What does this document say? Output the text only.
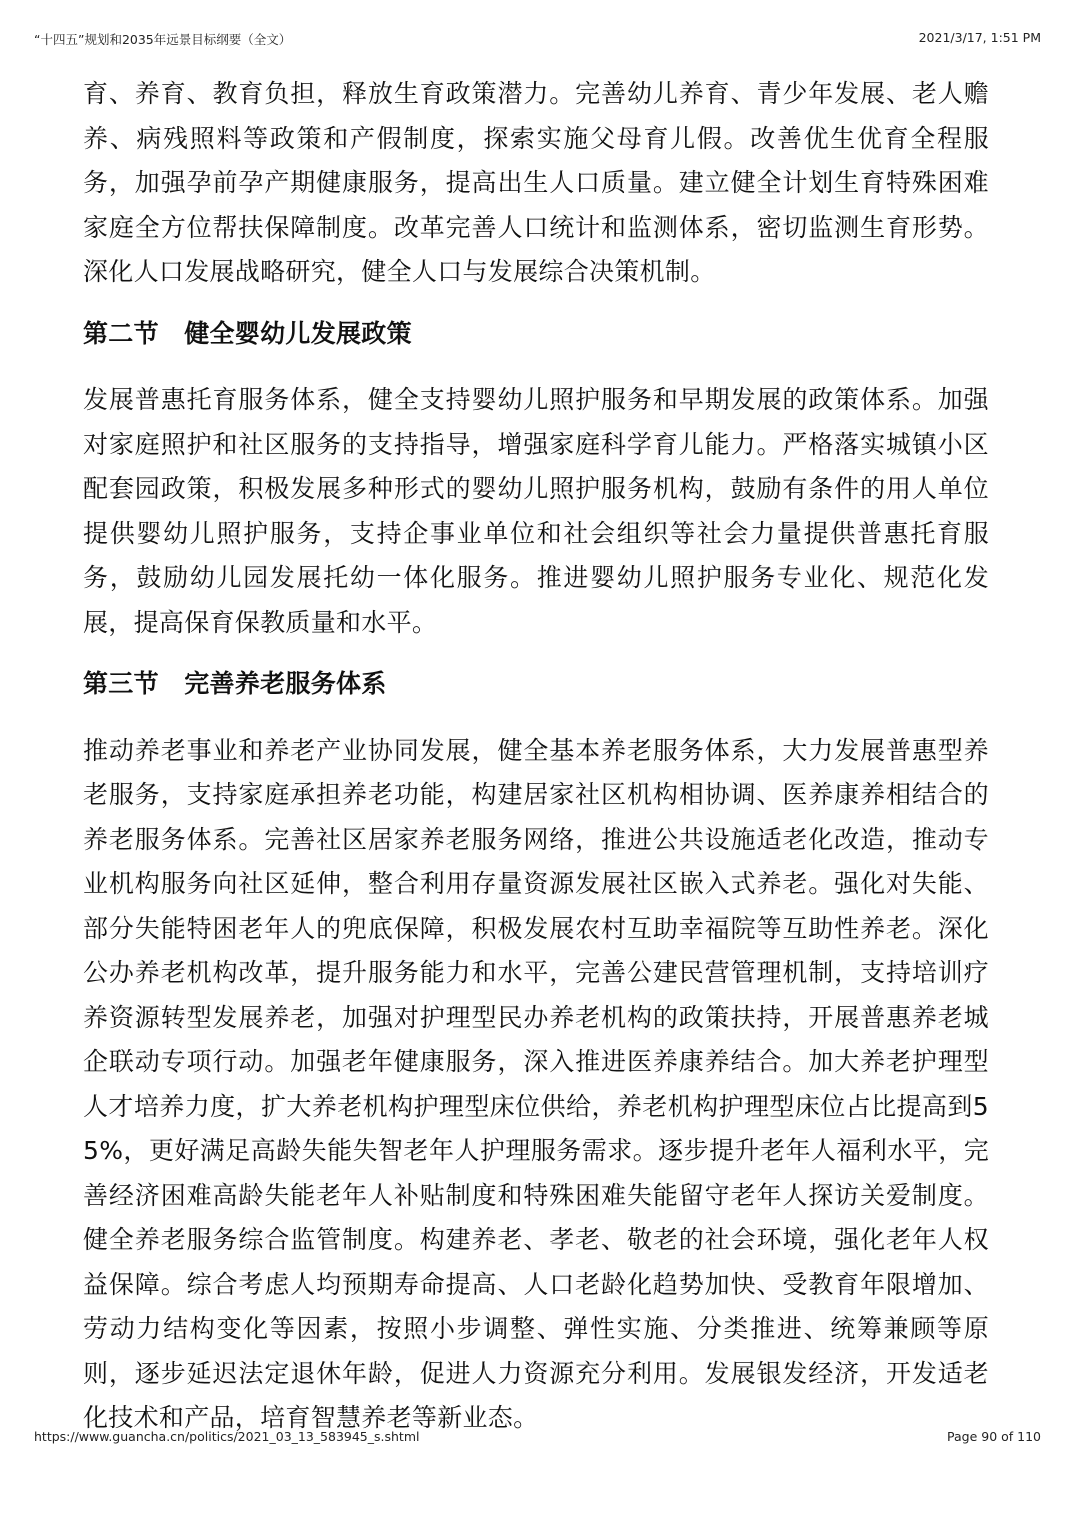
“十四五”规划和2035年远景目标纲要（全文）	2021/3/17, 1:51 PM

育、养育、教育负担，释放生育政策潜力。完善幼儿养育、青少年发展、老人赡养、病残照料等政策和产假制度，探索实施父母育儿假。改善优生优育全程服务，加强孕前孕产期健康服务，提高出生人口质量。建立健全计划生育特殊困难家庭全方位帮扶保障制度。改革完善人口统计和监测体系，密切监测生育形势。深化人口发展战略研究，健全人口与发展综合决策机制。

第二节　健全婴幼儿发展政策

发展普惠托育服务体系，健全支持婴幼儿照护服务和早期发展的政策体系。加强对家庭照护和社区服务的支持指导，增强家庭科学育儿能力。严格落实城镇小区配套园政策，积极发展多种形式的婴幼儿照护服务机构，鼓励有条件的用人单位提供婴幼儿照护服务，支持企事业单位和社会组织等社会力量提供普惠托育服务，鼓励幼儿园发展托幼一体化服务。推进婴幼儿照护服务专业化、规范化发展，提高保育保教质量和水平。

第三节　完善养老服务体系

推动养老事业和养老产业协同发展，健全基本养老服务体系，大力发展普惠型养老服务，支持家庭承担养老功能，构建居家社区机构相协调、医养康养相结合的养老服务体系。完善社区居家养老服务网络，推进公共设施适老化改造，推动专业机构服务向社区延伸，整合利用存量资源发展社区嵌入式养老。强化对失能、部分失能特困老年人的兜底保障，积极发展农村互助幸福院等互助性养老。深化公办养老机构改革，提升服务能力和水平，完善公建民营管理机制，支持培训疗养资源转型发展养老，加强对护理型民办养老机构的政策扶持，开展普惠养老城企联动专项行动。加强老年健康服务，深入推进医养康养结合。加大养老护理型人才培养力度，扩大养老机构护理型床位供给，养老机构护理型床位占比提高到55%，更好满足高龄失能失智老年人护理服务需求。逐步提升老年人福利水平，完善经济困难高龄失能老年人补贴制度和特殊困难失能留守老年人探访关爱制度。健全养老服务综合监管制度。构建养老、孝老、敬老的社会环境，强化老年人权益保障。综合考虑人均预期寿命提高、人口老龄化趋势加快、受教育年限增加、劳动力结构变化等因素，按照小步调整、弹性实施、分类推进、统筹兼顾等原则，逐步延迟法定退休年龄，促进人力资源充分利用。发展银发经济，开发适老化技术和产品，培育智慧养老等新业态。

https://www.guancha.cn/politics/2021_03_13_583945_s.shtml	Page 90 of 110
